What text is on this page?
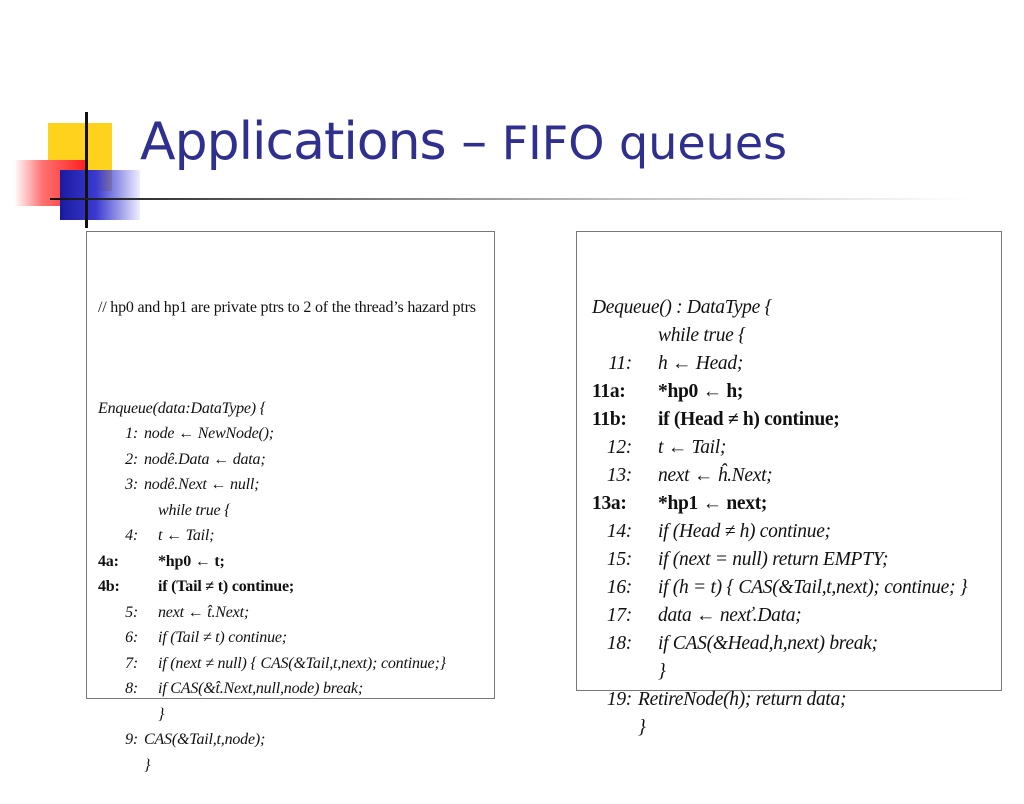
Applications – FIFO queues

// hp0 and hp1 are private ptrs to 2 of the thread’s hazard ptrs

Enqueue(data:DataType) {
1: node ← NewNode();
2: nodê.Data ← data;
3: nodê.Next ← null;
while true {
4: t ← Tail;
4a: *hp0 ← t;
4b: if (Tail ≠ t) continue;
5: next ← t̂.Next;
6: if (Tail ≠ t) continue;
7: if (next ≠ null) { CAS(&Tail,t,next); continue;}
8: if CAS(&t̂.Next,null,node) break;
}
9: CAS(&Tail,t,node);
}

Dequeue() : DataType {
while true {
11: h ← Head;
11a: *hp0 ← h;
11b: if (Head ≠ h) continue;
12: t ← Tail;
13: next ← ĥ.Next;
13a: *hp1 ← next;
14: if (Head ≠ h) continue;
15: if (next = null) return EMPTY;
16: if (h = t) { CAS(&Tail,t,next); continue; }
17: data ← nexť.Data;
18: if CAS(&Head,h,next) break;
}
19: RetireNode(h); return data;
}
